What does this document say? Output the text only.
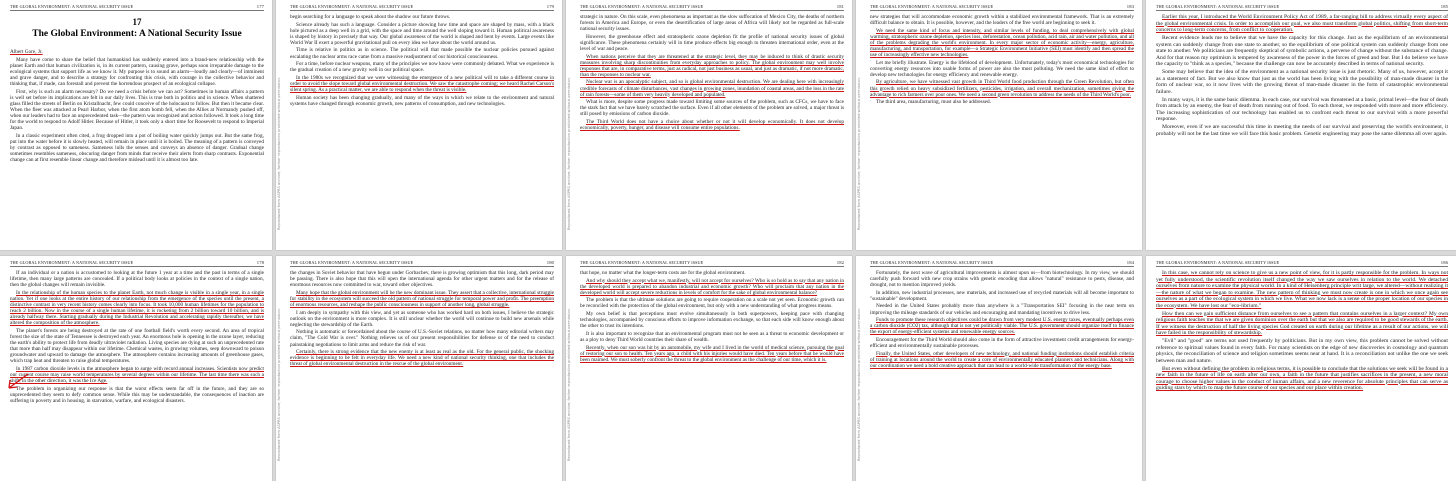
THE GLOBAL ENVIRONMENT: A NATIONAL SECURITY ISSUE	177
17
The Global Environment: A National Security Issue

Albert Gore, Jr.

Many have come to share the belief that humankind has suddenly entered into a brand-new relationship with the planet Earth and that human civilization is, in its current pattern, causing grave, perhaps soon irreparable damage to the ecological systems that support life as we know it. My purpose is to sound an alarm—loudly and clearly—of imminent and grave danger, and to describe a strategy for confronting this crisis, with courage in the collective behavior and thinking that, if made, can forestall and prevent the horrendous prospect of an ecological collapse.

First, why is such an alarm necessary? Do we need a crisis before we can act? Sometimes in human affairs a pattern is well set before its implications are felt in our daily lives. This is true both in politics and in science. When shattered glass filled the streets of Berlin on Kristallnacht, few could conceive of the holocaust to follow. But then it became clear. When the fleet was attacked at Pearl Harbor, when the first atom bomb fell, when the Allies at Normandy pushed off, when our leaders had to face an unprecedented task—the pattern was recognized and action followed. It took a long time for the world to respond to Adolf Hitler. Because of Hitler, it took only a short time for Roosevelt to respond to Imperial Japan.

In a classic experiment often cited, a frog dropped into a pot of boiling water quickly jumps out. But the same frog, put into the water before it is slowly heated, will remain in place until it is boiled. The meaning of a pattern is conveyed by contrast as opposed to sameness. Sameness lulls the senses and conveys an absence of danger. Gradual change sometimes resembles sameness, obscuring danger from minds that receive their alerts from sharp contrasts. Exponential change can at first resemble linear change and therefore mislead until it is almost too late.

THE GLOBAL ENVIRONMENT: A NATIONAL SECURITY ISSUE	178

If an individual or a nation is accustomed to looking at the future 1 year at a time and the past in terms of a single lifetime, then many large patterns are concealed. If a political body looks at policies in the context of a single nation, then the global changes will remain invisible.

In the relationship of the human species to the planet Earth, not much change is visible in a single year, in a single nation. Yet if one looks at the entire history of our relationship from the emergence of the species until the present, a distinctive contrast in very recent history comes clearly into focus. It took 10,000 human lifetimes for the population to reach 2 billion. Now in the course of a single human lifetime, it is rocketing from 2 billion toward 10 billion, and is already halfway there. Starting gradually during the Industrial Revolution and accelerating rapidly thereafter, we have altered the composition of the atmosphere.

The planet's forests are being destroyed at the rate of one football field's worth every second. An area of tropical forest the size of the state of Tennessee is destroyed each year. An enormous hole is opening in the ozone layer, reducing the earth's ability to protect life from deadly ultraviolet radiation. Living species are dying at such an unprecedented rate that more than half may disappear within our lifetime. Chemical wastes, in growing volumes, seep downward to poison groundwater and upward to damage the atmosphere. The atmosphere contains increasing amounts of greenhouse gases, which trap heat and threaten to raise global temperatures.

In 1987 carbon dioxide levels in the atmosphere began to surge with record annual increases. Scientists now predict our current course may raise world temperatures by several degrees within our lifetime. The last time there was such a shift, in the other direction, it was the Ice Age.

The problem in organizing our response is that the worst effects seem far off in the future, and they are so unprecedented they seem to defy common sense. While this may be understandable, the consequences of inaction are suffering in poverty and in housing, in starvation, warfare, and ecological disasters.

Reproduced from ASPRS archive; further reproduction prohibited without permission.
THE GLOBAL ENVIRONMENT: A NATIONAL SECURITY ISSUE	179

begin searching for a language to speak about the shadow our future throws.

Science already has such a language. Consider a picture showing how time and space are shaped by mass, with a black hole pictured as a deep well in a grid, with the space and time around the well sloping toward it. Human political awareness is shaped by history in precisely that way. Our global awareness of the world is shaped and bent by events. Large events like World War II exert a powerful gravitational pull on every idea we have about the world around us.

Time is relative in politics as in science. The political will that made possible the nuclear policies pursued against escalating the nuclear arms race came from a massive readjustment of our historical consciousness.

For a time, before nuclear weapons, many of the principles we now know were commonly debated. What we experience is the gradual creation of a new gravity well in our political space.

In the 1980s we recognized that we were witnessing the emergence of a new political will to take a different course in order to avoid the slope toward global environmental destruction. We saw the catastrophe coming; we heard Rachel Carson's silent spring. As a practical matter, we are able to respond when the threat is visible.

Human society has been changing gradually, and many of the ways in which we relate to the environment and natural systems have changed through economic growth, new patterns of consumption, and new technologies.

Reproduced from ASPRS archive; further reproduction prohibited without permission.
THE GLOBAL ENVIRONMENT: A NATIONAL SECURITY ISSUE	180

the changes in Soviet behavior that have begun under Gorbachev, there is growing optimism that this long, dark period may be passing. There is also hope that this will open the international agenda for other urgent matters and for the release of enormous resources now committed to war, toward other objectives.

Many hope that the global environment will be the new dominant issue. They assert that a collective, international struggle for stability in the ecosystem will succeed the old pattern of national struggle for temporal power and profit. The preemption of enormous resources, and reshape the public consciousness in support of another long, global struggle.

I am deeply in sympathy with this view, and yet as someone who has worked hard on both issues, I believe the strategic outlook on the environment is more complex. It is still unclear whether the world will continue to build new arsenals while neglecting the stewardship of the Earth.

Nothing is automatic or foreordained about the course of U.S.-Soviet relations, no matter how many editorial writers may claim, "The Cold War is over." Nothing relieves us of our present responsibilities for defense or of the need to conduct painstaking negotiations to limit arms and reduce the risk of war.

Certainly, there is strong evidence that the new enemy is at least as real as the old. For the general public, the shocking evidence is beginning to be felt in everyday life. We need a new kind of national security thinking, one that includes the threat of global environmental destruction in the rescue of the global environment.

Reproduced from ASPRS archive; further reproduction prohibited without permission.
THE GLOBAL ENVIRONMENT: A NATIONAL SECURITY ISSUE	181

strategic in nature. On this scale, even phenomena as important as the slow suffocation of Mexico City, the deaths of northern forests in America and Europe, or even the desertification of large areas of Africa will likely not be regarded as full-scale national security issues.

However, the greenhouse effect and stratospheric ozone depletion fit the profile of national security issues of global significance. These phenomena certainly will in time produce effects big enough to threaten international order, even at the level of war and peace.

When nations perceive that they are threatened at the strategic level, they may be induced to think of drastic security measures involving sharp discontinuities from everyday approaches to policy. The global environment may well involve responses that are, in comparative terms, just as radical, not just business as usual, and just as dramatic, if not more dramatic, than the responses to nuclear war.

Nuclear war is an apocalyptic subject, and so is global environmental destruction. We are dealing here with increasingly credible forecasts of climate disturbances, vast changes in growing zones, inundation of coastal areas, and the loss in the rate of rain forests—some of them very heavily developed and populated.

What is more, despite some progress made toward limiting some sources of the problem, such as CFCs, we have to face the stark fact that we have barely scratched the surface. Even if all other elements of the problem are solved, a major threat is still posed by emissions of carbon dioxide.

The Third World does not have a choice about whether or not it will develop economically. It does not develop economically, poverty, hunger, and disease will consume entire populations.

Reproduced from ASPRS archive; further reproduction prohibited without permission.
THE GLOBAL ENVIRONMENT: A NATIONAL SECURITY ISSUE	182

that hope, no matter what the longer-term costs are for the global environment.

And why should they accept what we, manifestly, will not accept for ourselves? Who is so bold as to say that any nation in the developed world is prepared to abandon industrial and economic growth? Who will proclaim that any nation in the developed world will accept severe reductions in levels of comfort for the sake of global environmental balance?

The problem is that the ultimate solutions are going to require cooperation on a scale not yet seen. Economic growth can be reconciled with the protection of the global environment, but only with a new understanding of what progress means.

My own belief is that perceptions must evolve simultaneously in both superpowers, keeping pace with changing technologies, accompanied by conscious efforts to improve information exchange, so that each side will know enough about the other to trust its intentions.

It is also important to recognize that an environmental program must not be seen as a threat to economic development or as a ploy to deny Third World countries their share of wealth.

Recently, when our son was hit by an automobile, my wife and I lived in the world of medical science, pursuing the goal of restoring our son to health. Ten years ago, a child with his injuries would have died. Ten years before that he would have been maimed. We must soberly confront the threat to the global environment as the challenge of our time, which it is.

Reproduced from ASPRS archive; further reproduction prohibited without permission.
THE GLOBAL ENVIRONMENT: A NATIONAL SECURITY ISSUE	183

new strategies that will accommodate economic growth within a stabilized environmental framework. That is an extremely difficult balance to obtain. It is possible, however, and the leaders of the free world are beginning to seek it.

We need the same kind of focus and intensity, and similar levels of funding, to deal comprehensively with global warming, stratospheric ozone depletion, species loss, deforestation, ocean pollution, acid rain, air and water pollution, and all of the problems degrading the world's environment. In every major sector of economic activity—energy, agriculture, manufacturing, and transportation, for example—a Strategic Environment Initiative (SEI) must identify and then spread the use of increasingly effective new technologies.

Let me briefly illustrate. Energy is the lifeblood of development. Unfortunately, today's most economical technologies for converting energy resources into usable forms of power are also the most polluting. We need the same kind of effort to develop new technologies for energy efficiency and renewable energy.

By agriculture, we have witnessed vast growth in Third World food production through the Green Revolution, but often this growth relied on heavy subsidized fertilizers, pesticides, irrigation, and overall mechanization, sometimes giving the advantage to rich farmers over poor ones. We need a second green revolution to address the needs of the Third World's poor.

The third area, manufacturing, must also be addressed.

Reproduced from ASPRS archive; further reproduction prohibited without permission.
THE GLOBAL ENVIRONMENT: A NATIONAL SECURITY ISSUE	184

Fortunately, the next wave of agricultural improvements is almost upon us—from biotechnology. In my view, we should carefully push forward with new crop strains with genetic encoding that allows "natural" resistance to pests, disease, and drought, not to mention improved yields.

In addition, new industrial processes, new materials, and increased use of recycled materials will all become important to "sustainable" development.

Needed in the United States probably more than anywhere is a "Transportation SEI" focusing in the near term on improving the mileage standards of our vehicles and encouraging and mandating incentives to drive less.

Funds to promote these research objectives could be drawn from very modest U.S. energy taxes, eventually perhaps even a carbon dioxide (CO2) tax, although that is not yet politically viable. The U.S. government should organize itself to finance the export of energy-efficient systems and renewable energy sources.

Encouragement for the Third World should also come in the form of attractive investment credit arrangements for energy-efficient and environmentally sustainable processes.

Finally, the United States, other developers of new technology, and national funding institutions should establish criteria of training at locations around the world to create a core of environmentally educated planners and technicians. Along with our coordination we need a bold creative approach that can lead to a world-wide transformation of the energy base.

THE GLOBAL ENVIRONMENT: A NATIONAL SECURITY ISSUE	185

Earlier this year, I introduced the World Environment Policy Act of 1989, a far-ranging bill to address virtually every aspect of the global environmental crisis. In order to accomplish our goal, we also must transform global politics, shifting from short-term concerns to long-term concerns, from conflict to cooperation.

Recent evidence leads me to believe that we have the capacity for this change. Just as the equilibrium of an environmental system can suddenly change from one state to another, so the equilibrium of one political system can suddenly change from one state to another. We politicians are frequently skeptical of symbolic actions, a perverse of change without the substance of change. And for that reason my optimism is tempered by awareness of the power in the forces of greed and fear. But I do believe we have the capacity to "think as a species," because the challenge can now be accurately described in terms of national security.

Some may believe that the idea of the environment as a national security issue is just rhetoric. Many of us, however, accept it as a statement of fact. But we also know that just as the world has been living with the possibility of man-made disaster in the form of nuclear war, so it now lives with the growing threat of man-made disaster in the form of catastrophic environmental failure.

In many ways, it is the same basic dilemma. In each case, our survival was threatened at a basic, primal level—the fear of death from attack by an enemy, the fear of death from running out of food. To each threat, we responded with more and more efficiency. The increasing sophistication of our technology has enabled us to confront each threat to our survival with a more powerful response.

Moreover, even if we are successful this time in meeting the needs of our survival and preserving the world's environment, it probably will not be the last time we will face this basic problem. Genetic engineering may pose the same dilemma all over again.

THE GLOBAL ENVIRONMENT: A NATIONAL SECURITY ISSUE	186

In this case, we cannot rely on science to give us a new point of view, for it is partly responsible for the problem. In ways not yet fully understood, the scientific revolution itself changed the way we saw ourselves in relation to the world. We detached ourselves from nature to examine the physical world. In a kind of Heisenberg principle writ large, we altered—without realizing it—the nature of what we began to examine. The new pattern of thinking we must now create is one in which we once again see ourselves as a part of the ecological system in which we live. What we now lack is a sense of the proper location of our species in the ecosystem. We have lost our "eco-librium."

How then can we gain sufficient distance from ourselves to see a pattern that contains ourselves in a larger context? My own religious faith teaches me that we are given dominion over the earth but that we also are required to be good stewards of the earth. If we witness the destruction of half the living species God created on earth during our lifetime as a result of our actions, we will have failed in the responsibility of stewardship.

"Evil" and "good" are terms not used frequently by politicians. But in my own view, this problem cannot be solved without reference to spiritual values found in every faith. For many scientists on the edge of new discoveries in cosmology and quantum physics, the reconciliation of science and religion sometimes seems near at hand. It is a reconciliation not unlike the one we seek between man and nature.

But even without defining the problem in religious terms, it is possible to conclude that the solutions we seek will be found in a new faith in the future of life on earth after our own, a faith in the future that justifies sacrifices in the present, a new moral courage to choose higher values in the conduct of human affairs, and a new reverence for absolute principles that can serve as guiding stars by which to map the future course of our species and our place within creation.
